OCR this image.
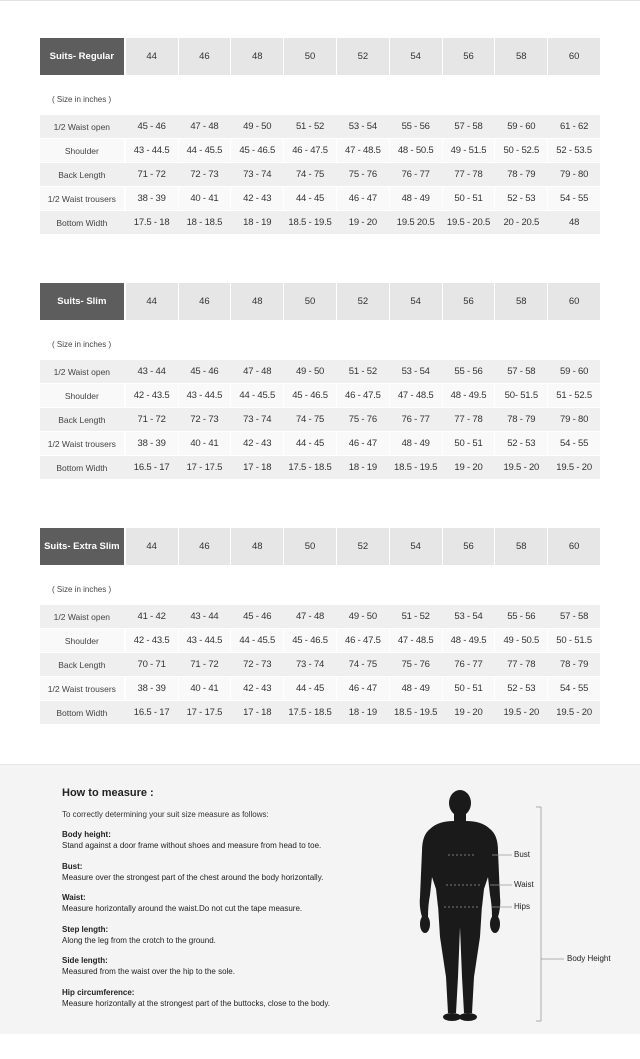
Suits- Regular	44	46	48	50	52	54	56	58	60
( Size in inches )
1/2 Waist open	45 - 46	47 - 48	49 - 50	51 - 52	53 - 54	55 - 56	57 - 58	59 - 60	61 - 62
Shoulder	43 - 44.5	44 - 45.5	45 - 46.5	46 - 47.5	47 - 48.5	48 - 50.5	49 - 51.5	50 - 52.5	52 - 53.5
Back Length	71 - 72	72 - 73	73 - 74	74 - 75	75 - 76	76 - 77	77 - 78	78 - 79	79 - 80
1/2 Waist trousers	38 - 39	40 - 41	42 - 43	44 - 45	46 - 47	48 - 49	50 - 51	52 - 53	54 - 55
Bottom Width	17.5 - 18	18 - 18.5	18 - 19	18.5 - 19.5	19 - 20	19.5 20.5	19.5 - 20.5	20 - 20.5	48
Suits- Slim	44	46	48	50	52	54	56	58	60
( Size in inches )
1/2 Waist open	43 - 44	45 - 46	47 - 48	49 - 50	51 - 52	53 - 54	55 - 56	57 - 58	59 - 60
Shoulder	42 - 43.5	43 - 44.5	44 - 45.5	45 - 46.5	46 - 47.5	47 - 48.5	48 - 49.5	50- 51.5	51 - 52.5
Back Length	71 - 72	72 - 73	73 - 74	74 - 75	75 - 76	76 - 77	77 - 78	78 - 79	79 - 80
1/2 Waist trousers	38 - 39	40 - 41	42 - 43	44 - 45	46 - 47	48 - 49	50 - 51	52 - 53	54 - 55
Bottom Width	16.5 - 17	17 - 17.5	17 - 18	17.5 - 18.5	18 - 19	18.5 - 19.5	19 - 20	19.5 - 20	19.5 - 20
Suits- Extra Slim	44	46	48	50	52	54	56	58	60
( Size in inches )
1/2 Waist open	41 - 42	43 - 44	45 - 46	47 - 48	49 - 50	51 - 52	53 - 54	55 - 56	57 - 58
Shoulder	42 - 43.5	43 - 44.5	44 - 45.5	45 - 46.5	46 - 47.5	47 - 48.5	48 - 49.5	49 - 50.5	50 - 51.5
Back Length	70 - 71	71 - 72	72 - 73	73 - 74	74 - 75	75 - 76	76 - 77	77 - 78	78 - 79
1/2 Waist trousers	38 - 39	40 - 41	42 - 43	44 - 45	46 - 47	48 - 49	50 - 51	52 - 53	54 - 55
Bottom Width	16.5 - 17	17 - 17.5	17 - 18	17.5 - 18.5	18 - 19	18.5 - 19.5	19 - 20	19.5 - 20	19.5 - 20
How to measure :
To correctly determining your suit size measure as follows:
Body height:
Stand against a door frame without shoes and measure from head to toe.
Bust:
Measure over the strongest part of the chest around the body horizontally.
Waist:
Measure horizontally around the waist.Do not cut the tape measure.
Step length:
Along the leg from the crotch to the ground.
Side length:
Measured from the waist over the hip to the sole.
Hip circumference:
Measure horizontally at the strongest part of the buttocks, close to the body.
Bust
Waist
Hips
Body Height
